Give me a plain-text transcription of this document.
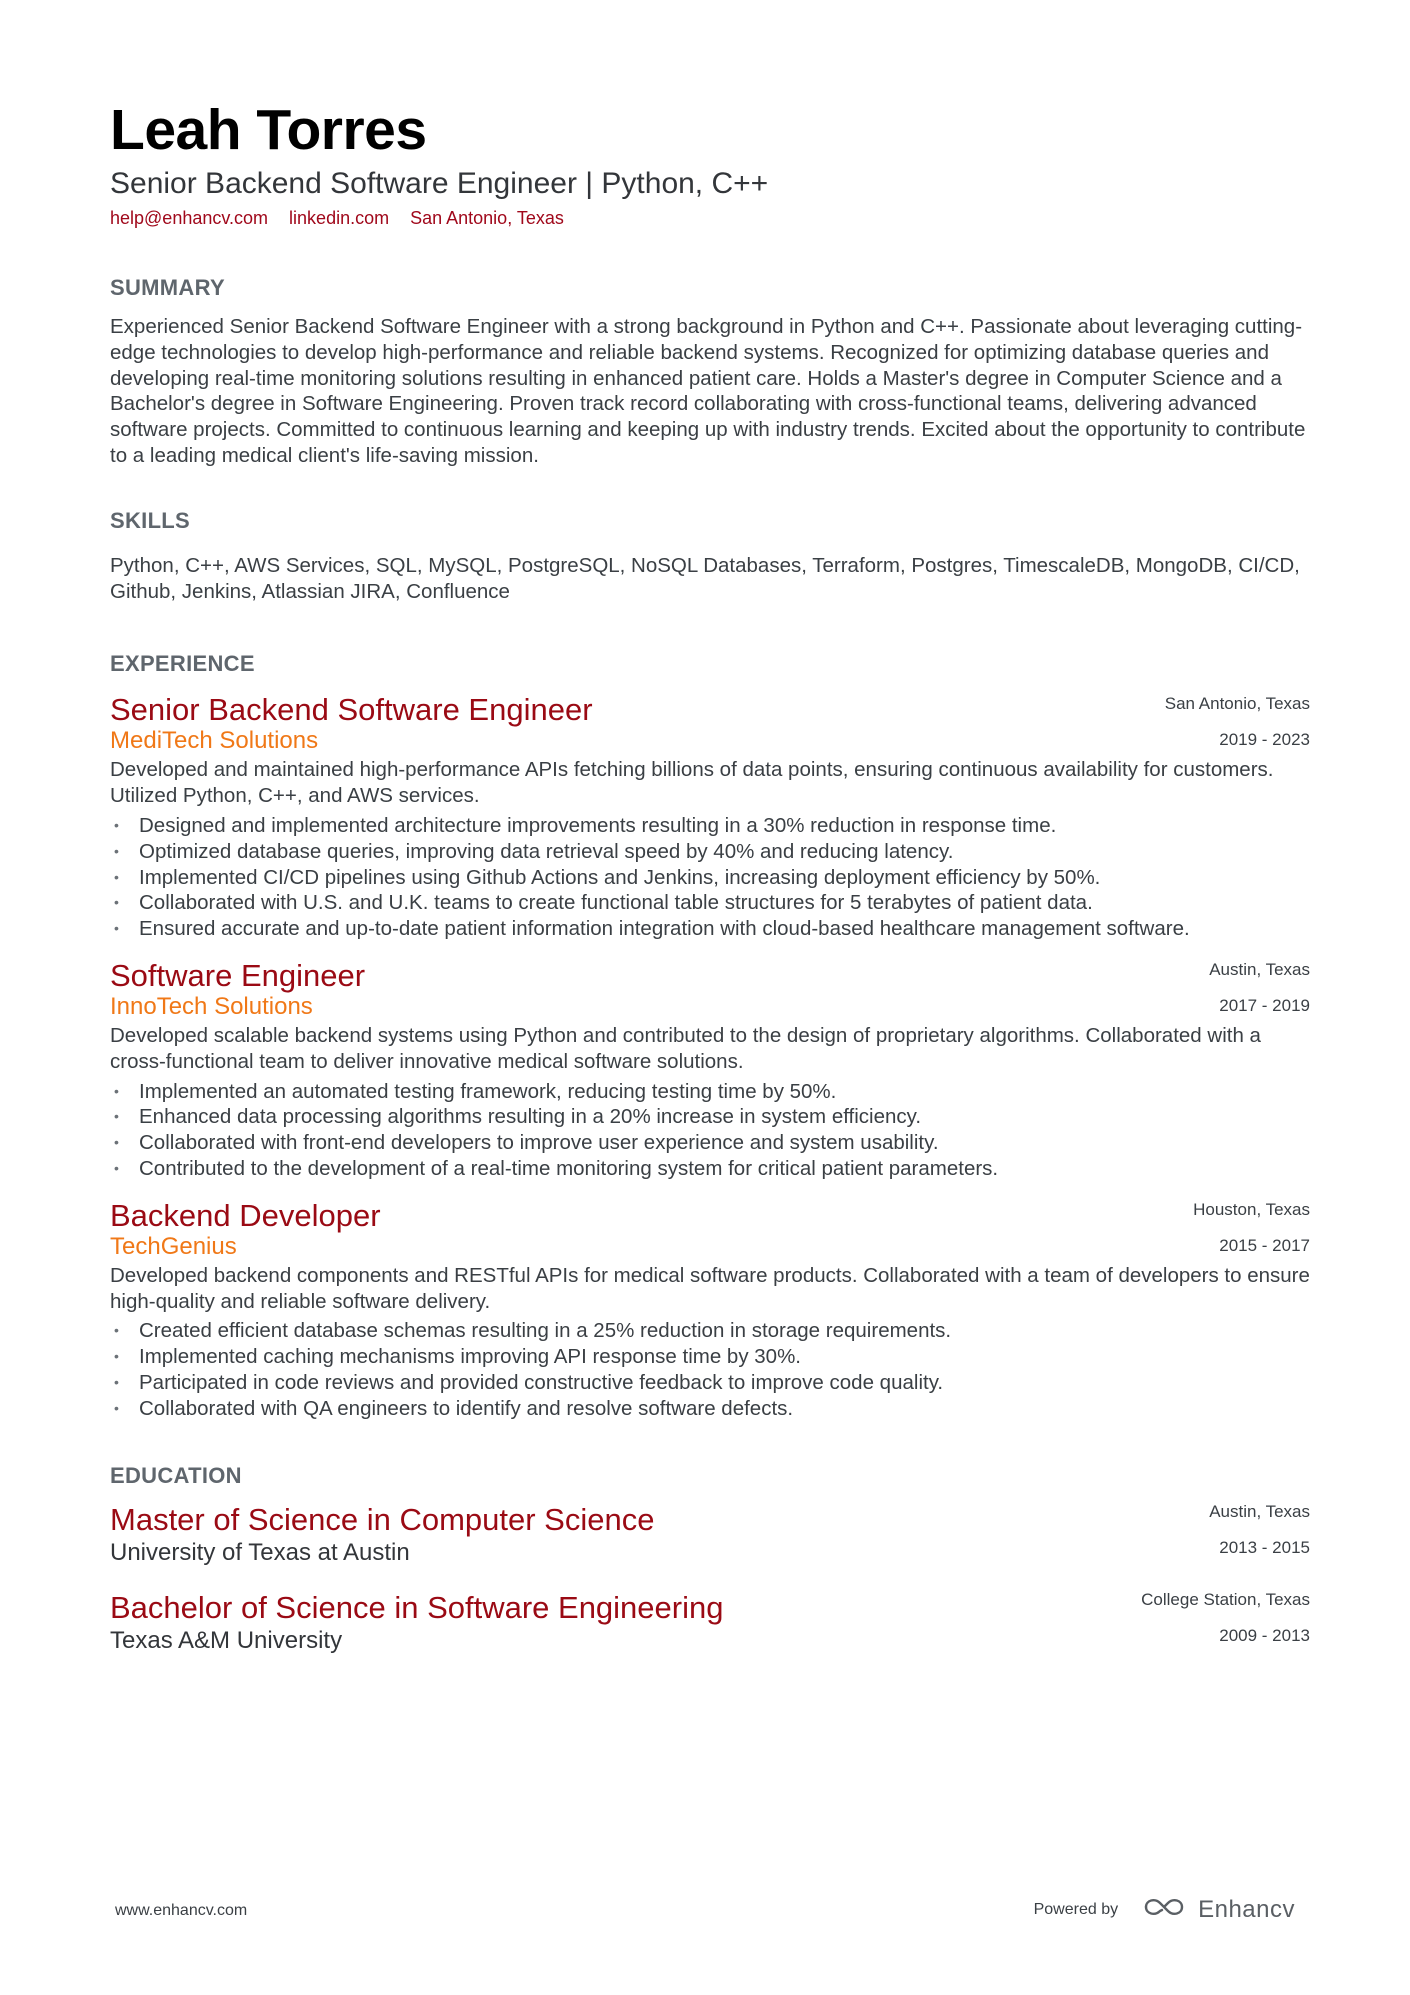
Leah Torres
Senior Backend Software Engineer | Python, C++
help@enhancv.com linkedin.com San Antonio, Texas
SUMMARY
Experienced Senior Backend Software Engineer with a strong background in Python and C++. Passionate about leveraging cutting-edge technologies to develop high-performance and reliable backend systems. Recognized for optimizing database queries and developing real-time monitoring solutions resulting in enhanced patient care. Holds a Master's degree in Computer Science and a Bachelor's degree in Software Engineering. Proven track record collaborating with cross-functional teams, delivering advanced software projects. Committed to continuous learning and keeping up with industry trends. Excited about the opportunity to contribute to a leading medical client's life-saving mission.
SKILLS
Python, C++, AWS Services, SQL, MySQL, PostgreSQL, NoSQL Databases, Terraform, Postgres, TimescaleDB, MongoDB, CI/CD, Github, Jenkins, Atlassian JIRA, Confluence
EXPERIENCE
San Antonio, Texas
2019 - 2023
Senior Backend Software Engineer
MediTech Solutions
Developed and maintained high-performance APIs fetching billions of data points, ensuring continuous availability for customers. Utilized Python, C++, and AWS services.
• Designed and implemented architecture improvements resulting in a 30% reduction in response time.
• Optimized database queries, improving data retrieval speed by 40% and reducing latency.
• Implemented CI/CD pipelines using Github Actions and Jenkins, increasing deployment efficiency by 50%.
• Collaborated with U.S. and U.K. teams to create functional table structures for 5 terabytes of patient data.
• Ensured accurate and up-to-date patient information integration with cloud-based healthcare management software.
Austin, Texas
2017 - 2019
Software Engineer
InnoTech Solutions
Developed scalable backend systems using Python and contributed to the design of proprietary algorithms. Collaborated with a cross-functional team to deliver innovative medical software solutions.
• Implemented an automated testing framework, reducing testing time by 50%.
• Enhanced data processing algorithms resulting in a 20% increase in system efficiency.
• Collaborated with front-end developers to improve user experience and system usability.
• Contributed to the development of a real-time monitoring system for critical patient parameters.
Houston, Texas
2015 - 2017
Backend Developer
TechGenius
Developed backend components and RESTful APIs for medical software products. Collaborated with a team of developers to ensure high-quality and reliable software delivery.
• Created efficient database schemas resulting in a 25% reduction in storage requirements.
• Implemented caching mechanisms improving API response time by 30%.
• Participated in code reviews and provided constructive feedback to improve code quality.
• Collaborated with QA engineers to identify and resolve software defects.
EDUCATION
Austin, Texas
2013 - 2015
Master of Science in Computer Science
University of Texas at Austin
College Station, Texas
2009 - 2013
Bachelor of Science in Software Engineering
Texas A&M University
www.enhancv.com	Powered by	Enhancv
